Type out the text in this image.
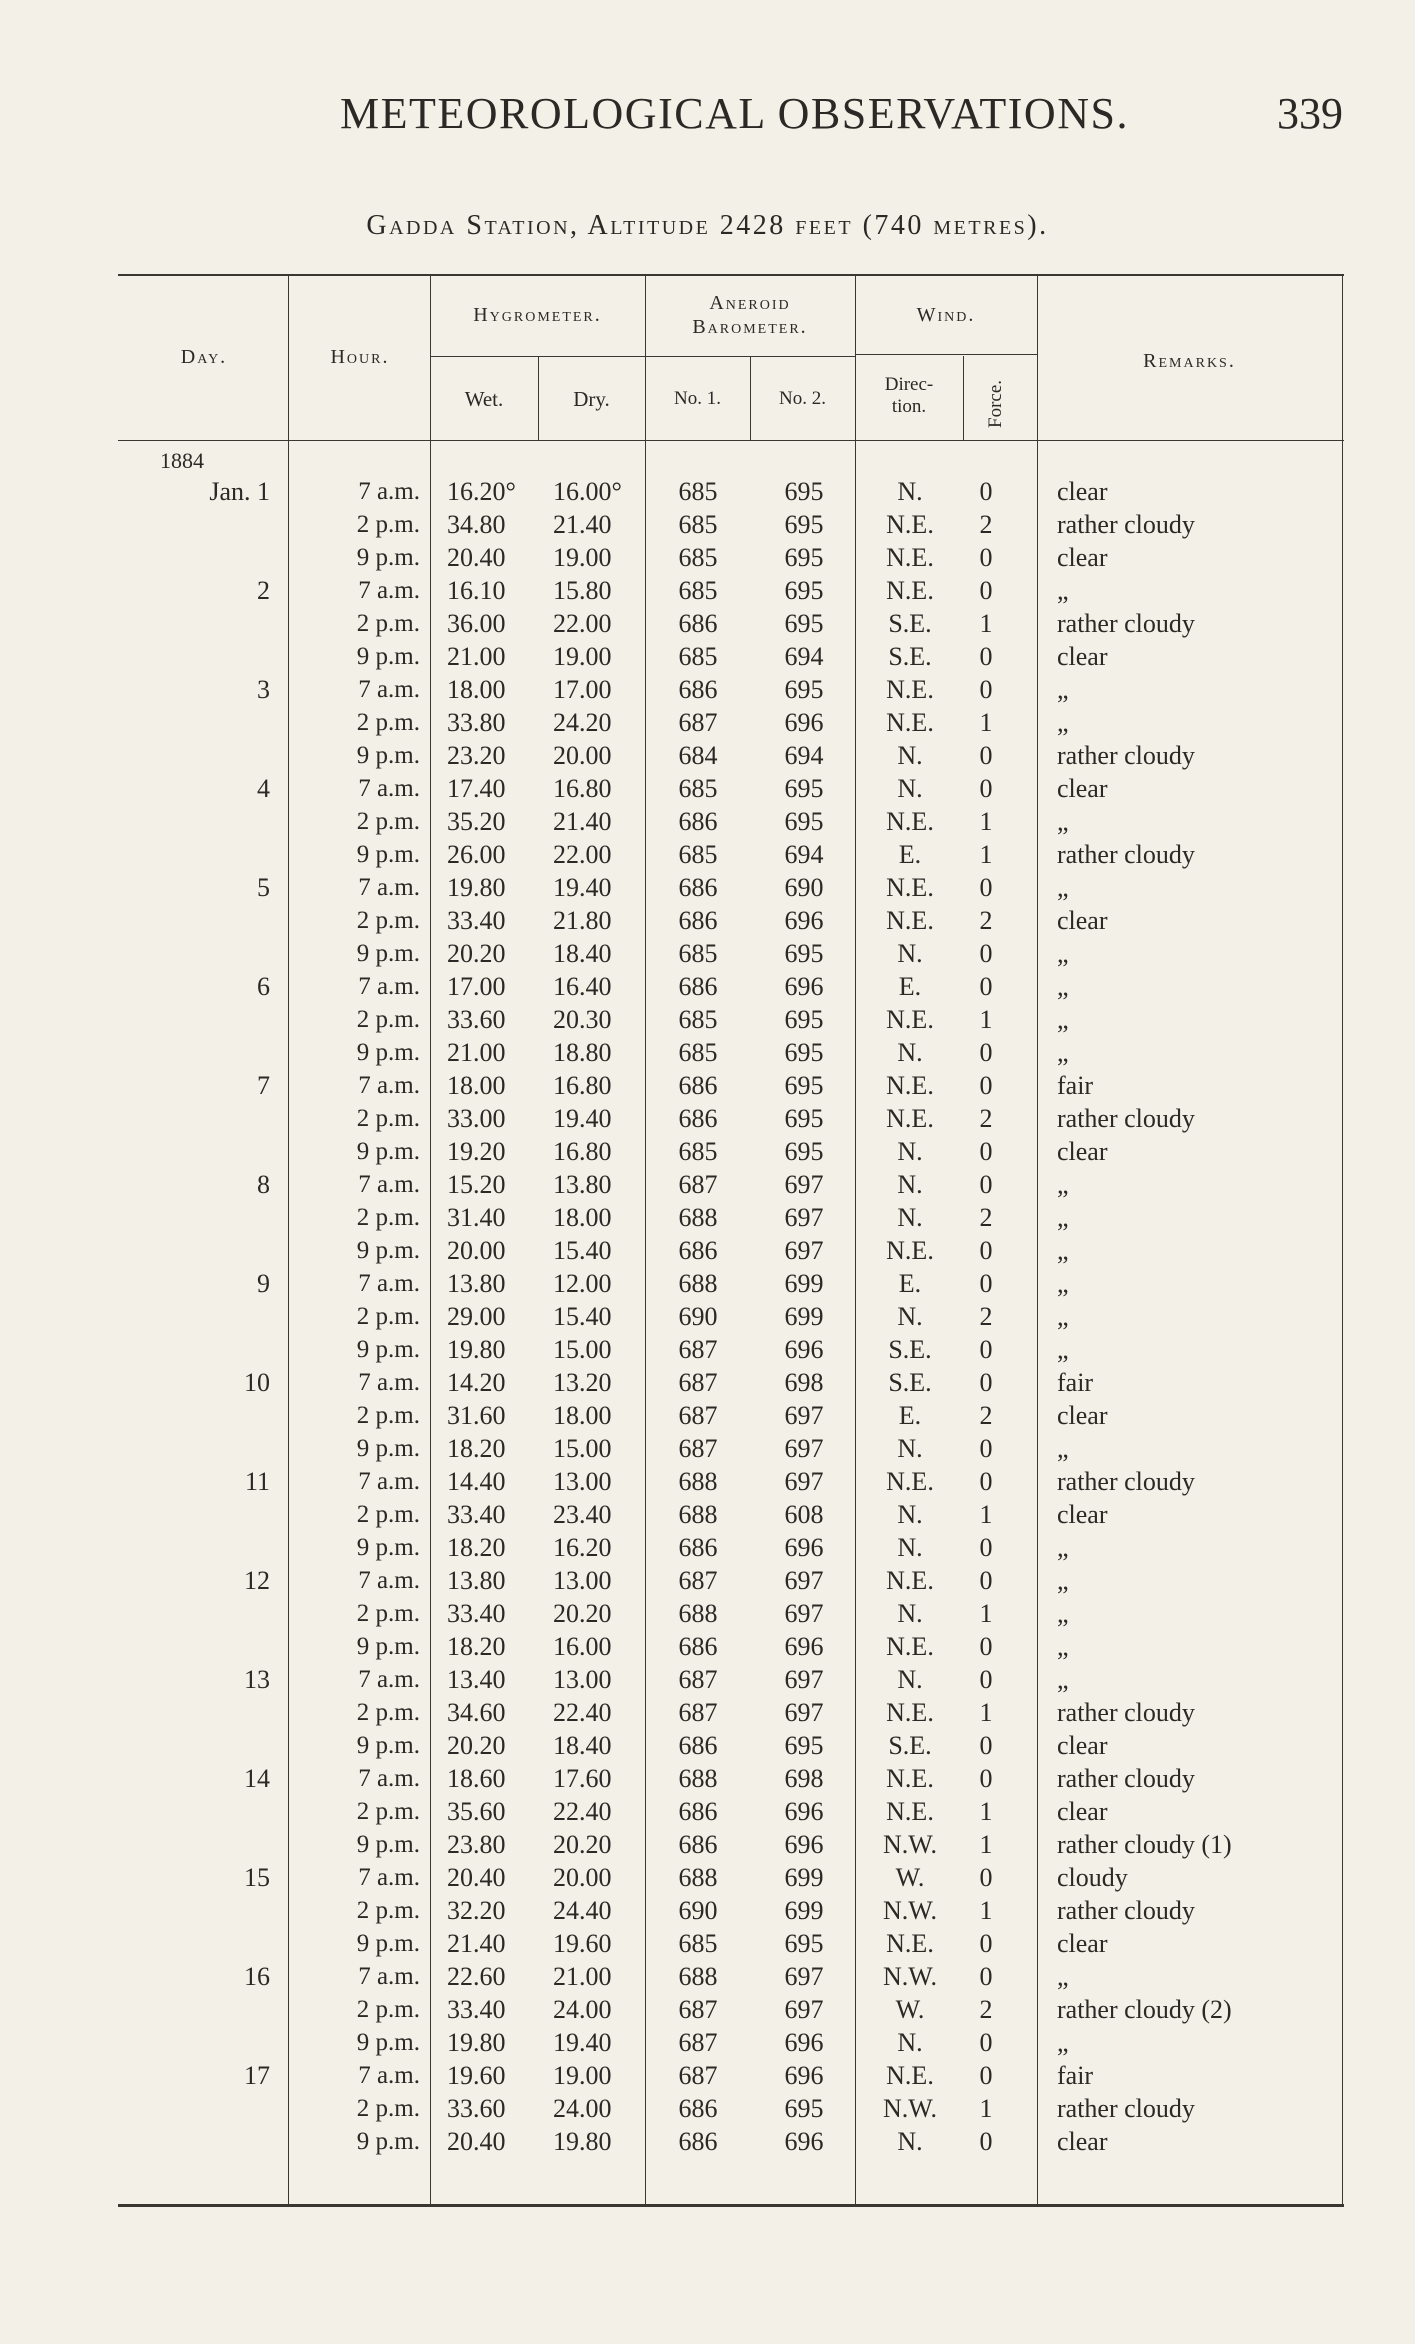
METEOROLOGICAL OBSERVATIONS.	339
Gadda Station, Altitude 2428 feet (740 metres).
Day.	Hour.
Hygrometer.
Wet.	Dry.
Aneroid
Barometer.
No. 1.	No. 2.
Wind.
Direc-
tion.	Force.
Remarks.
1884
Jan. 1	7 a.m. 16.20°	16.00°	685	695	N.	0	clear
2 p.m. 34.80	21.40	685	695	N.E.	2	rather cloudy
9 p.m. 20.40	19.00	685	695	N.E.	0	clear
2	7 a.m. 16.10	15.80	685	695	N.E.	0	„
2 p.m. 36.00	22.00	686	695	S.E.	1	rather cloudy
9 p.m. 21.00	19.00	685	694	S.E.	0	clear
3	7 a.m. 18.00	17.00	686	695	N.E.	0	„
2 p.m. 33.80	24.20	687	696	N.E.	1	„
9 p.m. 23.20	20.00	684	694	N.	0	rather cloudy
4	7 a.m. 17.40	16.80	685	695	N.	0	clear
2 p.m. 35.20	21.40	686	695	N.E.	1	„
9 p.m. 26.00	22.00	685	694	E.	1	rather cloudy
5	7 a.m. 19.80	19.40	686	690	N.E.	0	„
2 p.m. 33.40	21.80	686	696	N.E.	2	clear
9 p.m. 20.20	18.40	685	695	N.	0	„
6	7 a.m. 17.00	16.40	686	696	E.	0	„
2 p.m. 33.60	20.30	685	695	N.E.	1	„
9 p.m. 21.00	18.80	685	695	N.	0	„
7	7 a.m. 18.00	16.80	686	695	N.E.	0	fair
2 p.m. 33.00	19.40	686	695	N.E.	2	rather cloudy
9 p.m. 19.20	16.80	685	695	N.	0	clear
8	7 a.m. 15.20	13.80	687	697	N.	0	„
2 p.m. 31.40	18.00	688	697	N.	2	„
9 p.m. 20.00	15.40	686	697	N.E.	0	„
9	7 a.m. 13.80	12.00	688	699	E.	0	„
2 p.m. 29.00	15.40	690	699	N.	2	„
9 p.m. 19.80	15.00	687	696	S.E.	0	„
10	7 a.m. 14.20	13.20	687	698	S.E.	0	fair
2 p.m. 31.60	18.00	687	697	E.	2	clear
9 p.m. 18.20	15.00	687	697	N.	0	„
11	7 a.m. 14.40	13.00	688	697	N.E.	0	rather cloudy
2 p.m. 33.40	23.40	688	608	N.	1	clear
9 p.m. 18.20	16.20	686	696	N.	0	„
12	7 a.m. 13.80	13.00	687	697	N.E.	0	„
2 p.m. 33.40	20.20	688	697	N.	1	„
9 p.m. 18.20	16.00	686	696	N.E.	0	„
13	7 a.m. 13.40	13.00	687	697	N.	0	„
2 p.m. 34.60	22.40	687	697	N.E.	1	rather cloudy
9 p.m. 20.20	18.40	686	695	S.E.	0	clear
14	7 a.m. 18.60	17.60	688	698	N.E.	0	rather cloudy
2 p.m. 35.60	22.40	686	696	N.E.	1	clear
9 p.m. 23.80	20.20	686	696	N.W.	1	rather cloudy (1)
15	7 a.m. 20.40	20.00	688	699	W.	0	cloudy
2 p.m. 32.20	24.40	690	699	N.W.	1	rather cloudy
9 p.m. 21.40	19.60	685	695	N.E.	0	clear
16	7 a.m. 22.60	21.00	688	697	N.W.	0	„
2 p.m. 33.40	24.00	687	697	W.	2	rather cloudy (2)
9 p.m. 19.80	19.40	687	696	N.	0	„
17	7 a.m. 19.60	19.00	687	696	N.E.	0	fair
2 p.m. 33.60	24.00	686	695	N.W.	1	rather cloudy
9 p.m. 20.40	19.80	686	696	N.	0	clear
